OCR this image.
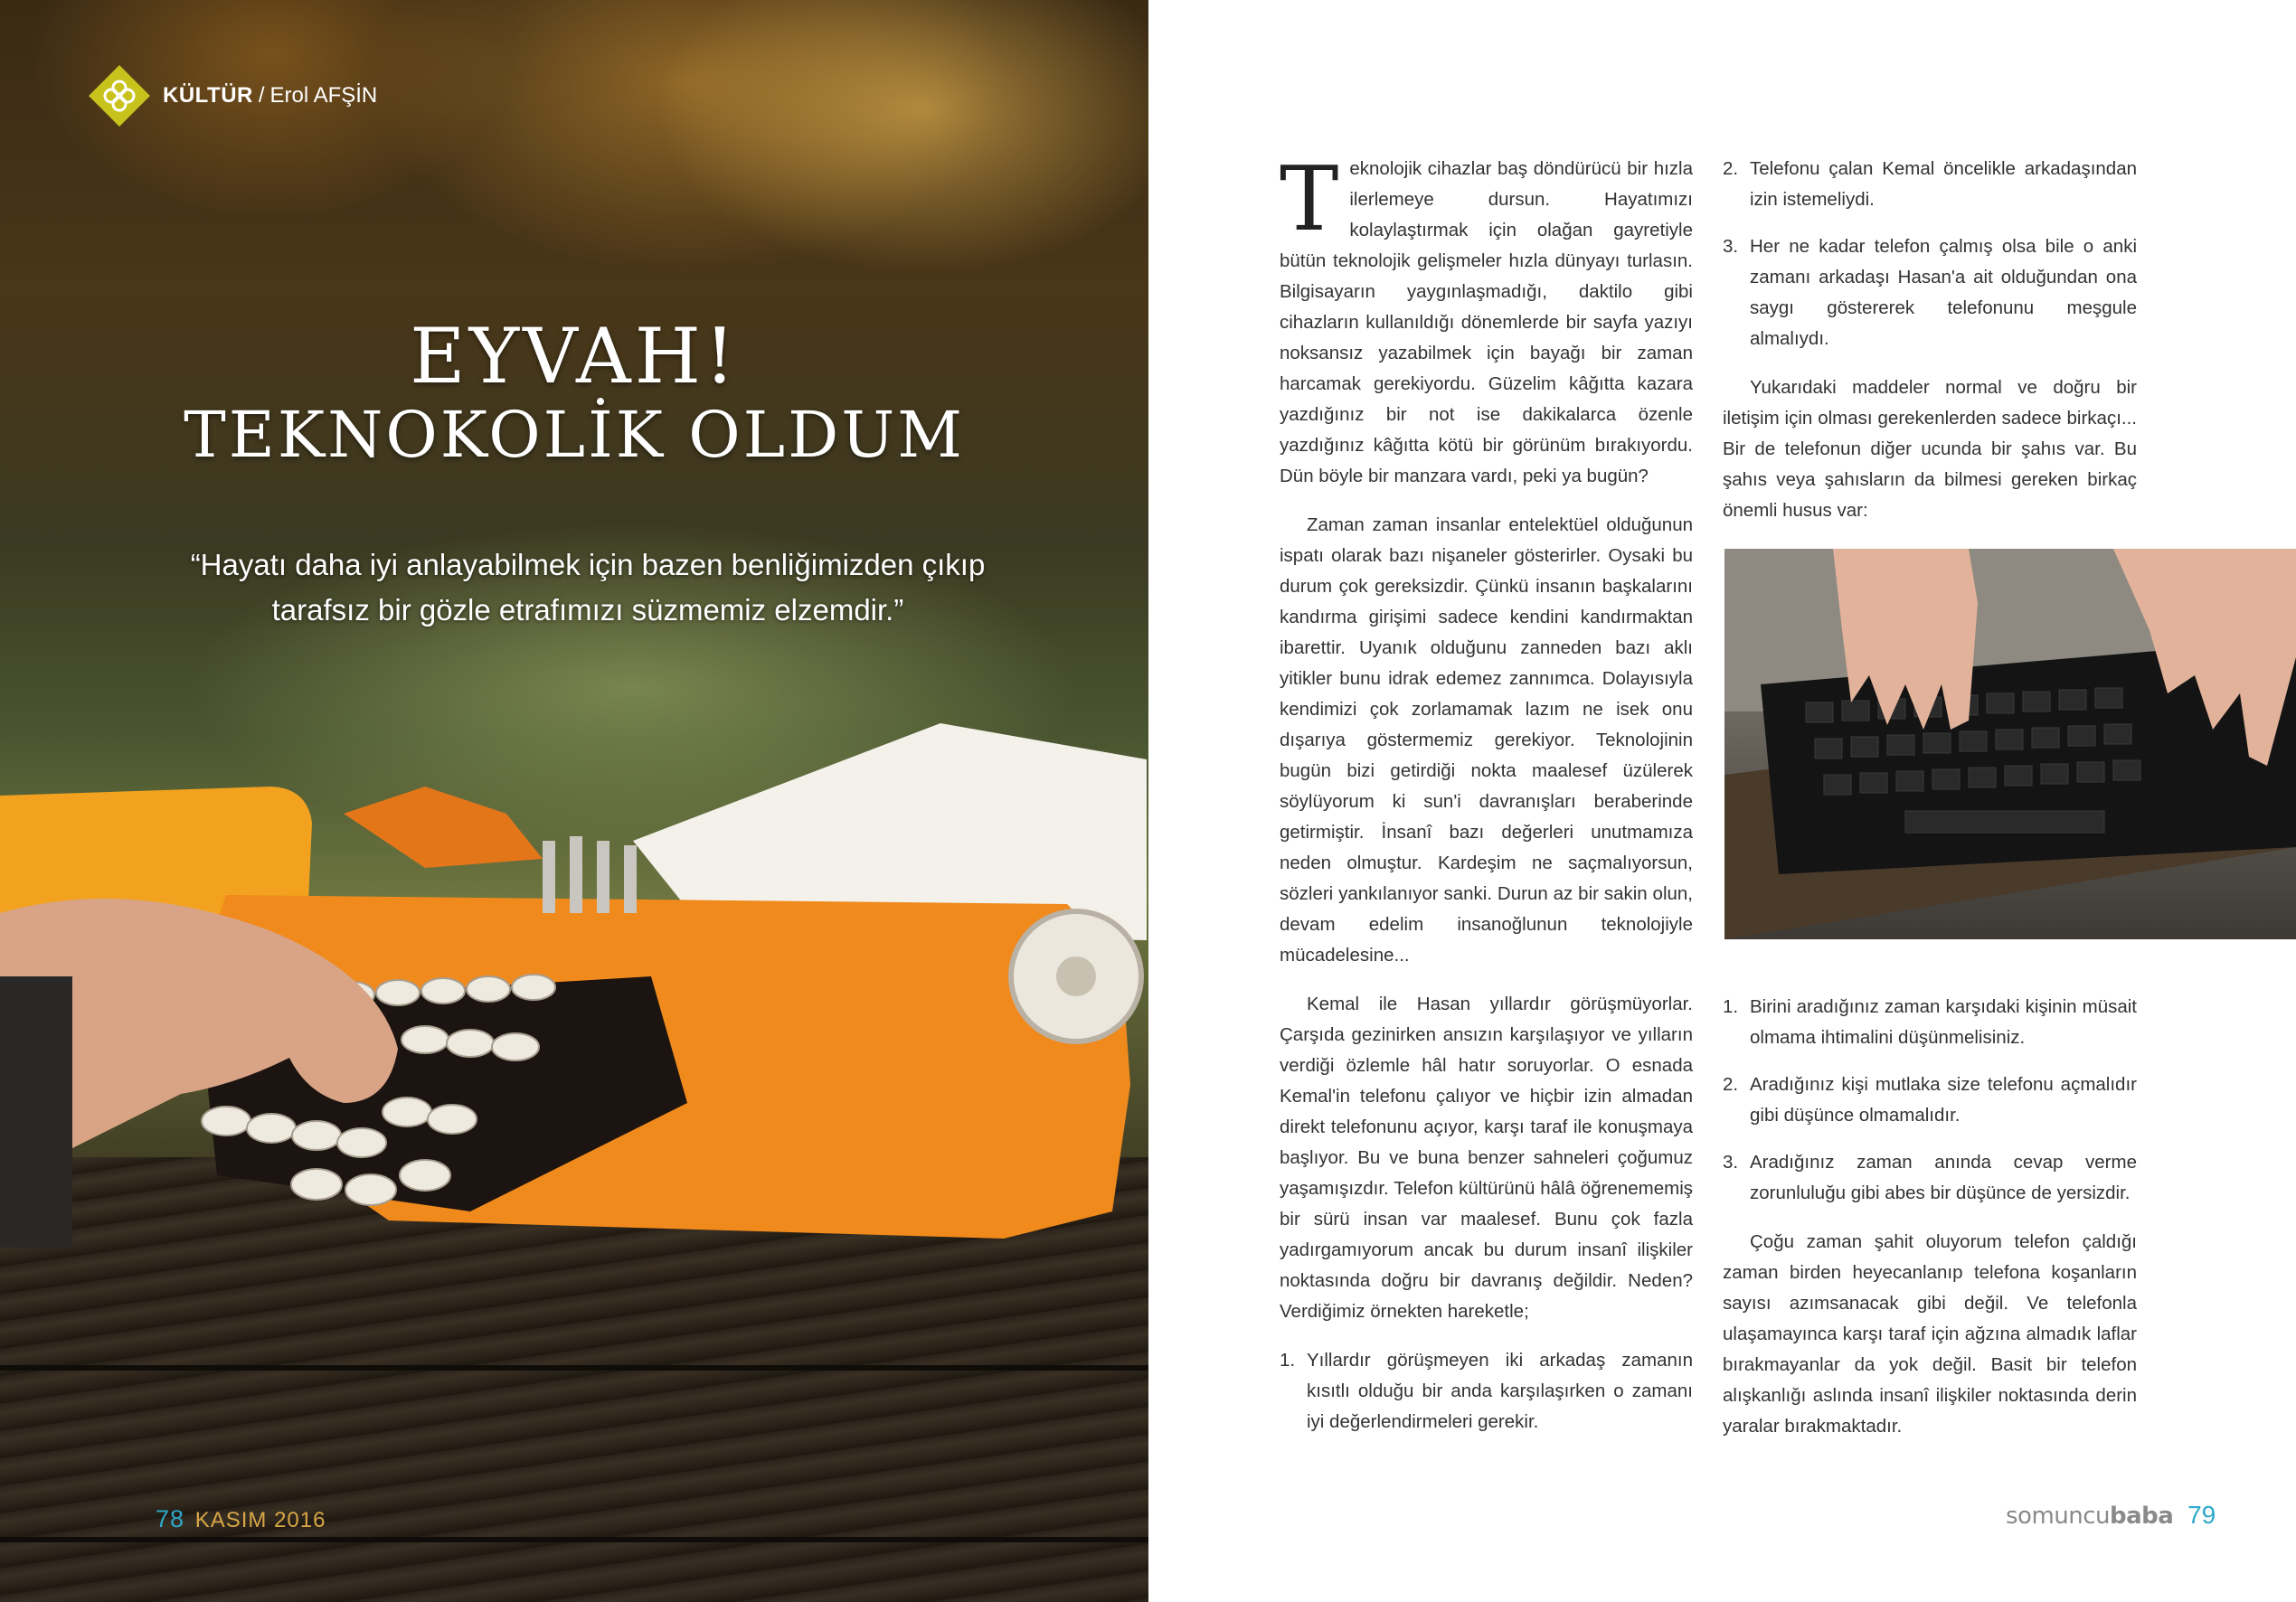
KÜLTÜR / Erol AFŞİN
EYVAH!
TEKNOKOLİK OLDUM
“Hayatı daha iyi anlayabilmek için bazen benliğimizden çıkıp tarafsız bir gözle etrafımızı süzmemiz elzemdir.”
78 KASIM 2016

Teknolojik cihazlar baş döndürücü bir hızla ilerlemeye dursun. Hayatımızı kolaylaştırmak için olağan gayretiyle bütün teknolojik gelişmeler hızla dünyayı turlasın. Bilgisayarın yaygınlaşmadığı, daktilo gibi cihazların kullanıldığı dönemlerde bir sayfa yazıyı noksansız yazabilmek için bayağı bir zaman harcamak gerekiyordu. Güzelim kâğıtta kazara yazdığınız bir not ise dakikalarca özenle yazdığınız kâğıtta kötü bir görünüm bırakıyordu. Dün böyle bir manzara vardı, peki ya bugün?

Zaman zaman insanlar entelektüel olduğunun ispatı olarak bazı nişaneler gösterirler. Oysaki bu durum çok gereksizdir. Çünkü insanın başkalarını kandırma girişimi sadece kendini kandırmaktan ibarettir. Uyanık olduğunu zanneden bazı aklı yitikler bunu idrak edemez zannımca. Dolayısıyla kendimizi çok zorlamamak lazım ne isek onu dışarıya göstermemiz gerekiyor. Teknolojinin bugün bizi getirdiği nokta maalesef üzülerek söylüyorum ki sun'i davranışları beraberinde getirmiştir. İnsanî bazı değerleri unutmamıza neden olmuştur. Kardeşim ne saçmalıyorsun, sözleri yankılanıyor sanki. Durun az bir sakin olun, devam edelim insanoğlunun teknolojiyle mücadelesine...

Kemal ile Hasan yıllardır görüşmüyorlar. Çarşıda gezinirken ansızın karşılaşıyor ve yılların verdiği özlemle hâl hatır soruyorlar. O esnada Kemal'in telefonu çalıyor ve hiçbir izin almadan direkt telefonunu açıyor, karşı taraf ile konuşmaya başlıyor. Bu ve buna benzer sahneleri çoğumuz yaşamışızdır. Telefon kültürünü hâlâ öğrenememiş bir sürü insan var maalesef. Bunu çok fazla yadırgamıyorum ancak bu durum insanî ilişkiler noktasında doğru bir davranış değildir. Neden? Verdiğimiz örnekten hareketle;

1. Yıllardır görüşmeyen iki arkadaş zamanın kısıtlı olduğu bir anda karşılaşırken o zamanı iyi değerlendirmeleri gerekir.
2. Telefonu çalan Kemal öncelikle arkadaşından izin istemeliydi.
3. Her ne kadar telefon çalmış olsa bile o anki zamanı arkadaşı Hasan'a ait olduğundan ona saygı göstererek telefonunu meşgule almalıydı.

Yukarıdaki maddeler normal ve doğru bir iletişim için olması gerekenlerden sadece birkaçı... Bir de telefonun diğer ucunda bir şahıs var. Bu şahıs veya şahısların da bilmesi gereken birkaç önemli husus var:

1. Birini aradığınız zaman karşıdaki kişinin müsait olmama ihtimalini düşünmelisiniz.
2. Aradığınız kişi mutlaka size telefonu açmalıdır gibi düşünce olmamalıdır.
3. Aradığınız zaman anında cevap verme zorunluluğu gibi abes bir düşünce de yersizdir.

Çoğu zaman şahit oluyorum telefon çaldığı zaman birden heyecanlanıp telefona koşanların sayısı azımsanacak gibi değil. Ve telefonla ulaşamayınca karşı taraf için ağzına almadık laflar bırakmayanlar da yok değil. Basit bir telefon alışkanlığı aslında insanî ilişkiler noktasında derin yaralar bırakmaktadır.

somuncubaba 79
